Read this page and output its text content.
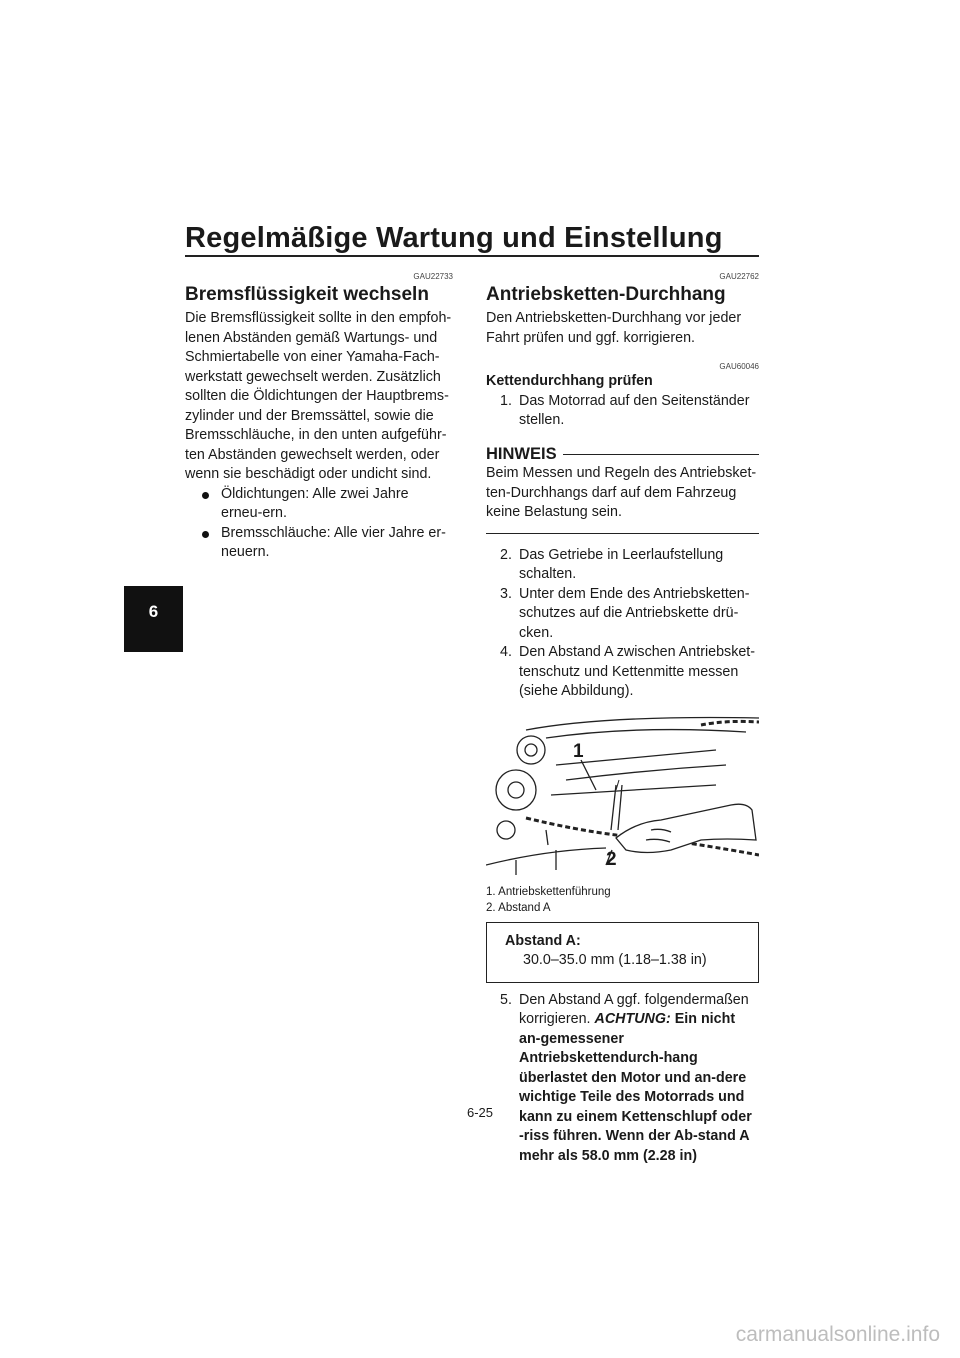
Regelmäßige Wartung und Einstellung
6
GAU22733
Bremsflüssigkeit wechseln

Die Bremsflüssigkeit sollte in den empfoh-lenen Abständen gemäß Wartungs- und Schmiertabelle von einer Yamaha-Fach-werkstatt gewechselt werden. Zusätzlich sollten die Öldichtungen der Hauptbrems-zylinder und der Bremssättel, sowie die Bremsschläuche, in den unten aufgeführ-ten Abständen gewechselt werden, oder wenn sie beschädigt oder undicht sind.

Öldichtungen: Alle zwei Jahre erneu-ern.
Bremsschläuche: Alle vier Jahre er-neuern.
GAU22762
Antriebsketten-Durchhang

Den Antriebsketten-Durchhang vor jeder Fahrt prüfen und ggf. korrigieren.

GAU60046

Kettendurchhang prüfen

1. Das Motorrad auf den Seitenständer stellen.
HINWEIS

Beim Messen und Regeln des Antriebsket-ten-Durchhangs darf auf dem Fahrzeug keine Belastung sein.

2. Das Getriebe in Leerlaufstellung schalten.
3. Unter dem Ende des Antriebsketten-schutzes auf die Antriebskette drü-cken.
4. Den Abstand A zwischen Antriebsket-tenschutz und Kettenmitte messen (siehe Abbildung).
1
2
1. Antriebskettenführung
2. Abstand A
Abstand A:
30.0–35.0 mm (1.18–1.38 in)
5. Den Abstand A ggf. folgendermaßen korrigieren. ACHTUNG: Ein nicht an-gemessener Antriebskettendurch-hang überlastet den Motor und an-dere wichtige Teile des Motorrads und kann zu einem Kettenschlupf oder -riss führen. Wenn der Ab-stand A mehr als 58.0 mm (2.28 in)
6-25
carmanualsonline.info
